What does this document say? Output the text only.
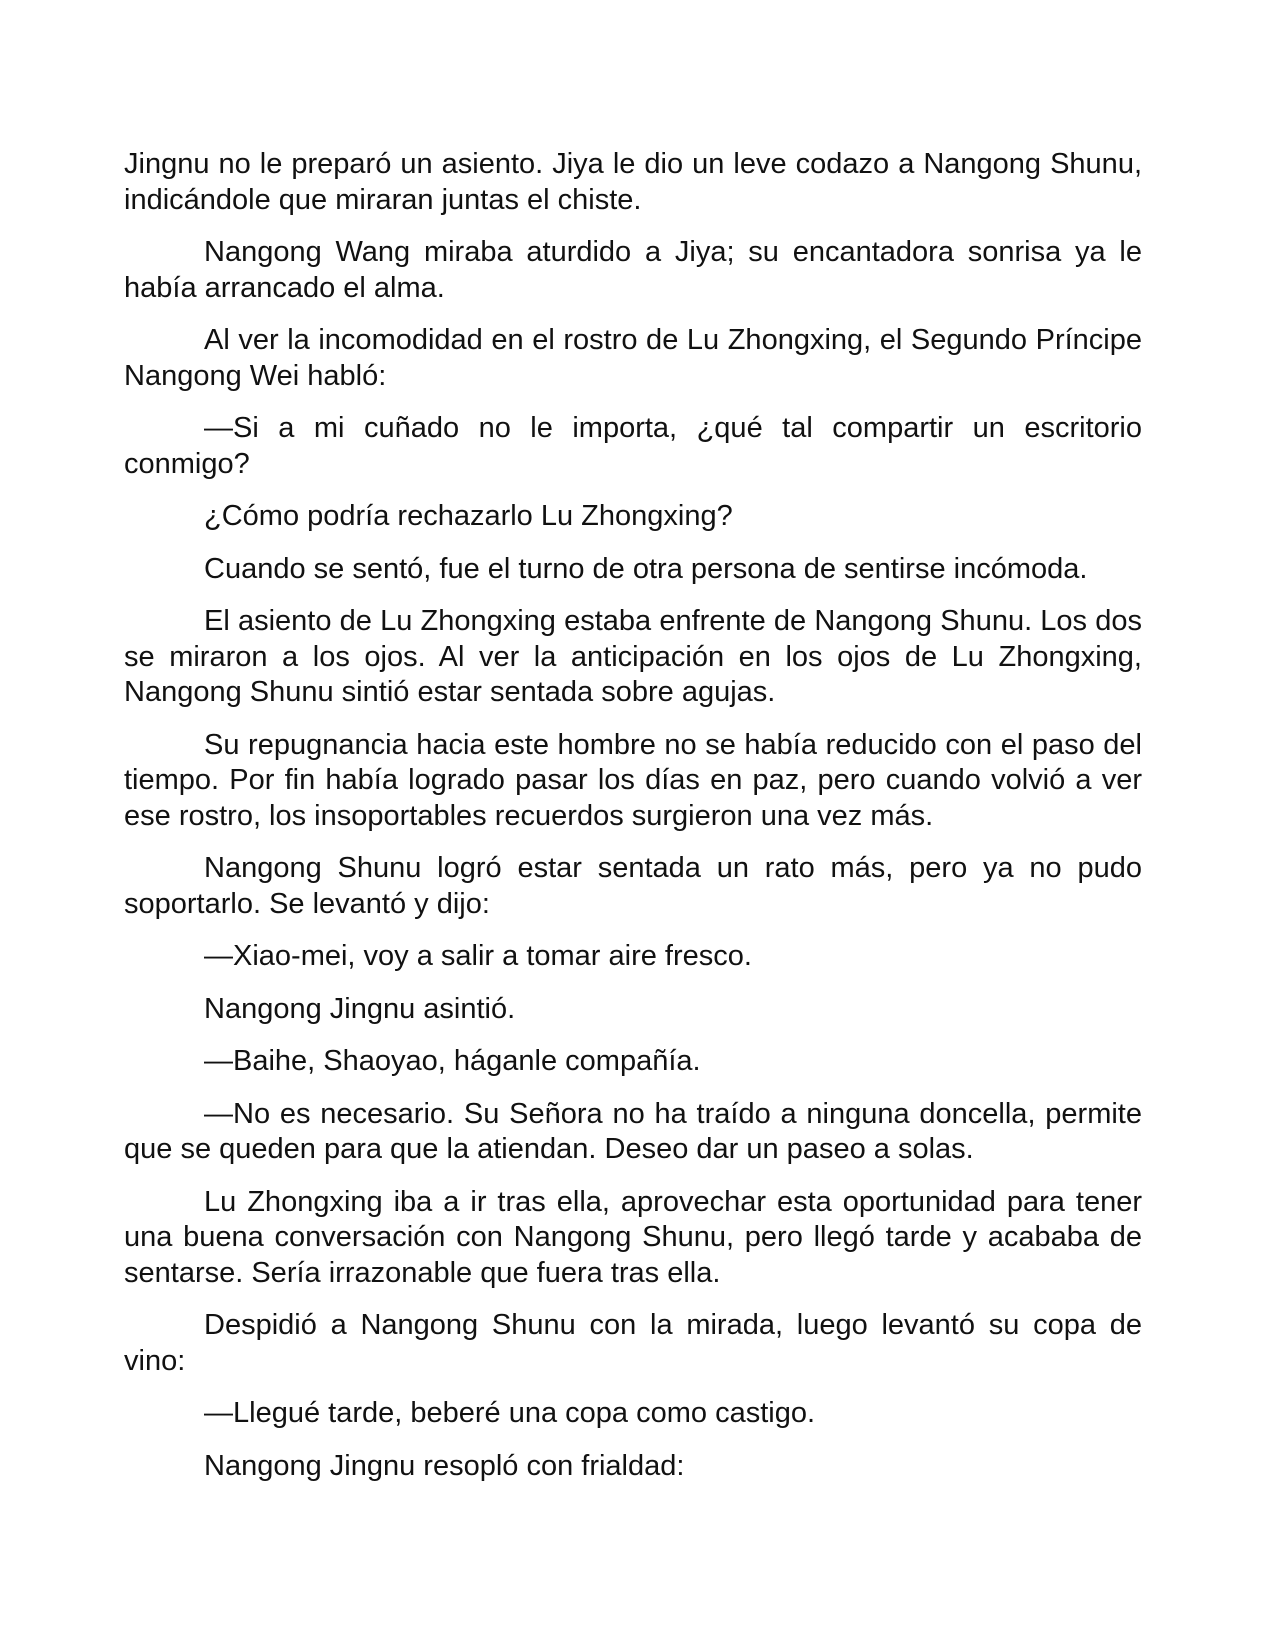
Jingnu no le preparó un asiento. Jiya le dio un leve codazo a Nangong Shunu, indicándole que miraran juntas el chiste.

Nangong Wang miraba aturdido a Jiya; su encantadora sonrisa ya le había arrancado el alma.

Al ver la incomodidad en el rostro de Lu Zhongxing, el Segundo Príncipe Nangong Wei habló:

—Si a mi cuñado no le importa, ¿qué tal compartir un escritorio conmigo?

¿Cómo podría rechazarlo Lu Zhongxing?

Cuando se sentó, fue el turno de otra persona de sentirse incómoda.

El asiento de Lu Zhongxing estaba enfrente de Nangong Shunu. Los dos se miraron a los ojos. Al ver la anticipación en los ojos de Lu Zhongxing, Nangong Shunu sintió estar sentada sobre agujas.

Su repugnancia hacia este hombre no se había reducido con el paso del tiempo. Por fin había logrado pasar los días en paz, pero cuando volvió a ver ese rostro, los insoportables recuerdos surgieron una vez más.

Nangong Shunu logró estar sentada un rato más, pero ya no pudo soportarlo. Se levantó y dijo:

—Xiao-mei, voy a salir a tomar aire fresco.

Nangong Jingnu asintió.

—Baihe, Shaoyao, háganle compañía.

—No es necesario. Su Señora no ha traído a ninguna doncella, permite que se queden para que la atiendan. Deseo dar un paseo a solas.

Lu Zhongxing iba a ir tras ella, aprovechar esta oportunidad para tener una buena conversación con Nangong Shunu, pero llegó tarde y acababa de sentarse. Sería irrazonable que fuera tras ella.

Despidió a Nangong Shunu con la mirada, luego levantó su copa de vino:

—Llegué tarde, beberé una copa como castigo.

Nangong Jingnu resopló con frialdad:
